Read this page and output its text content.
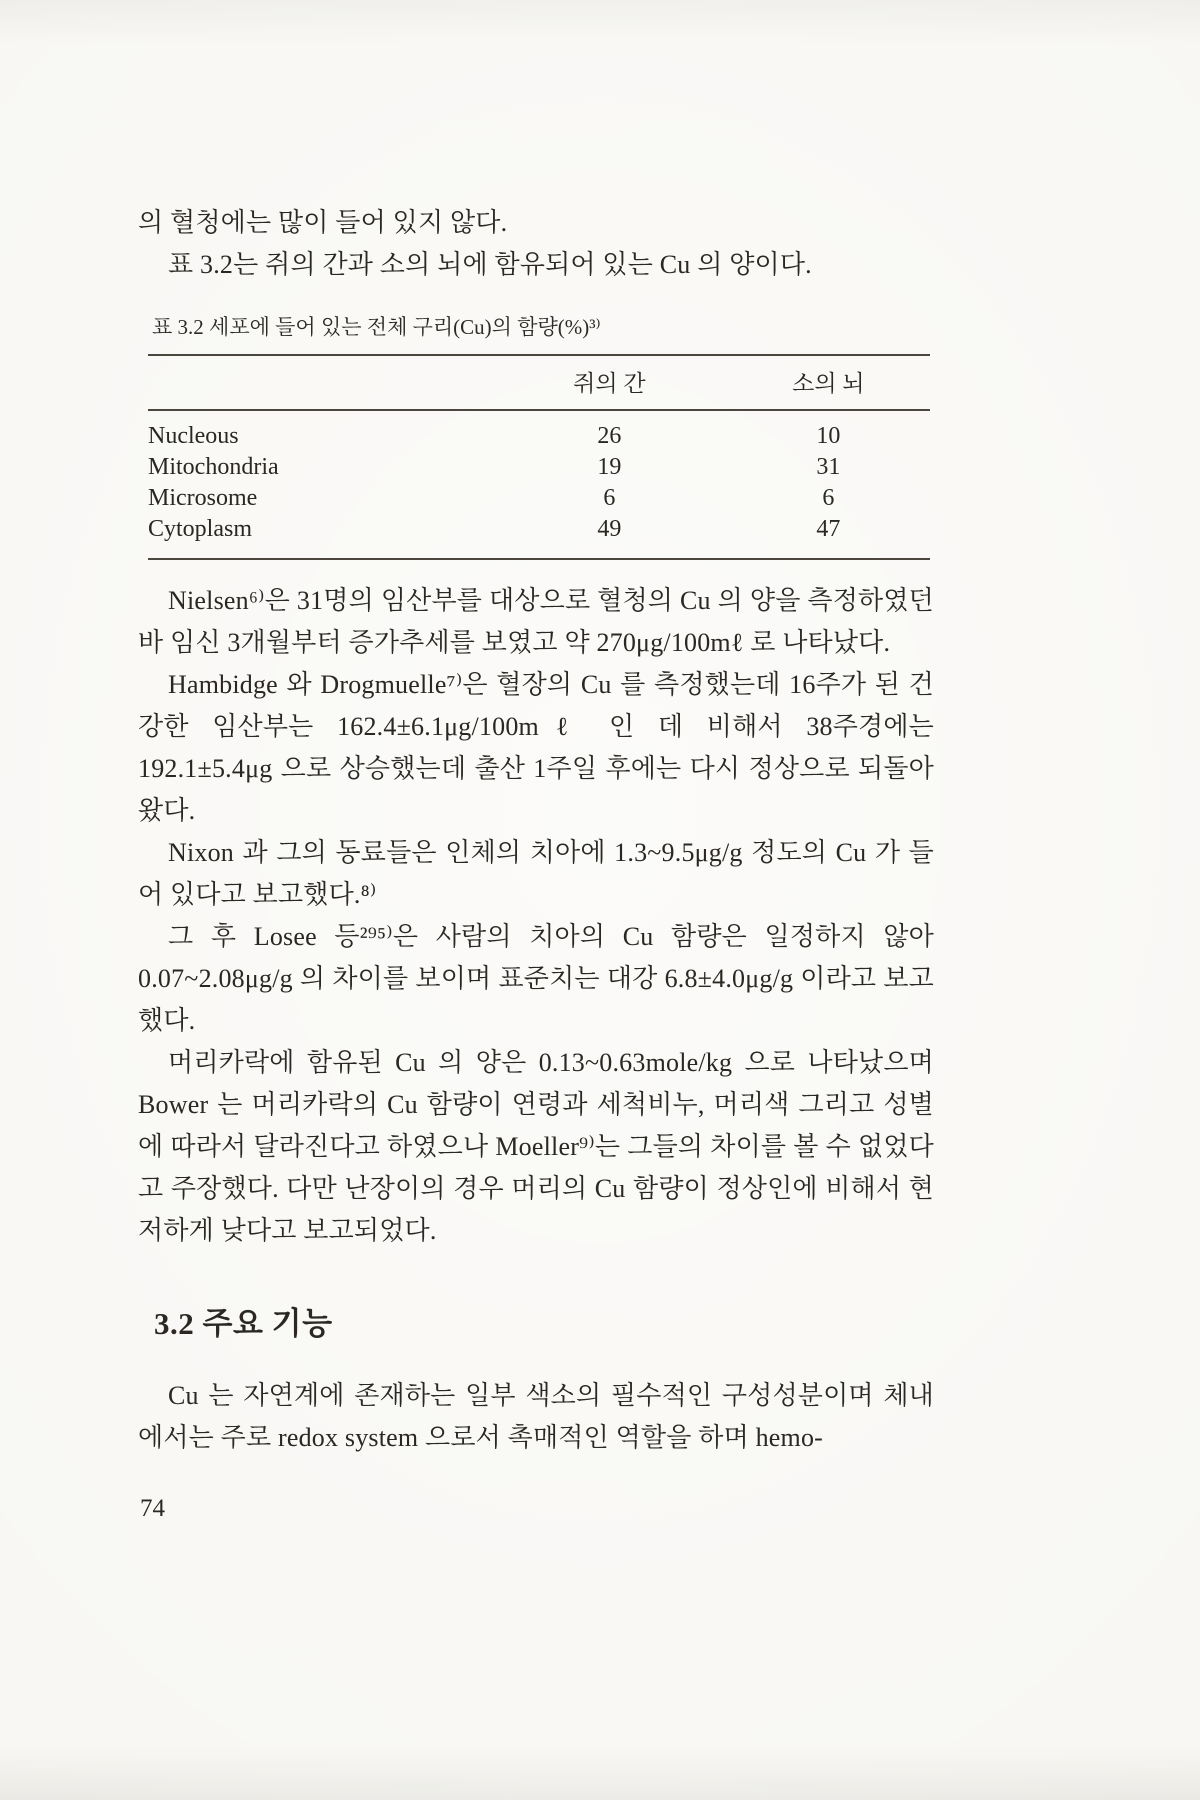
의 혈청에는 많이 들어 있지 않다.

표 3.2는 쥐의 간과 소의 뇌에 함유되어 있는 Cu 의 양이다.

표 3.2 세포에 들어 있는 전체 구리(Cu)의 함량(%)³⁾

	쥐의 간	소의 뇌
Nucleous	26	10
Mitochondria	19	31
Microsome	6	6
Cytoplasm	49	47

Nielsen⁶⁾은 31명의 임산부를 대상으로 혈청의 Cu 의 양을 측정하였던 바 임신 3개월부터 증가추세를 보였고 약 270μg/100mℓ 로 나타났다.

Hambidge 와 Drogmuelle⁷⁾은 혈장의 Cu 를 측정했는데 16주가 된 건강한 임산부는 162.4±6.1μg/100mℓ 인 데 비해서 38주경에는 192.1±5.4μg 으로 상승했는데 출산 1주일 후에는 다시 정상으로 되돌아왔다.

Nixon 과 그의 동료들은 인체의 치아에 1.3~9.5μg/g 정도의 Cu 가 들어 있다고 보고했다.⁸⁾

그 후 Losee 등²⁹⁵⁾은 사람의 치아의 Cu 함량은 일정하지 않아 0.07~2.08μg/g 의 차이를 보이며 표준치는 대강 6.8±4.0μg/g 이라고 보고했다.

머리카락에 함유된 Cu 의 양은 0.13~0.63mole/kg 으로 나타났으며 Bower 는 머리카락의 Cu 함량이 연령과 세척비누, 머리색 그리고 성별에 따라서 달라진다고 하였으나 Moeller⁹⁾는 그들의 차이를 볼 수 없었다고 주장했다. 다만 난장이의 경우 머리의 Cu 함량이 정상인에 비해서 현저하게 낮다고 보고되었다.

3.2 주요 기능

Cu 는 자연계에 존재하는 일부 색소의 필수적인 구성성분이며 체내에서는 주로 redox system 으로서 촉매적인 역할을 하며 hemo-

74
